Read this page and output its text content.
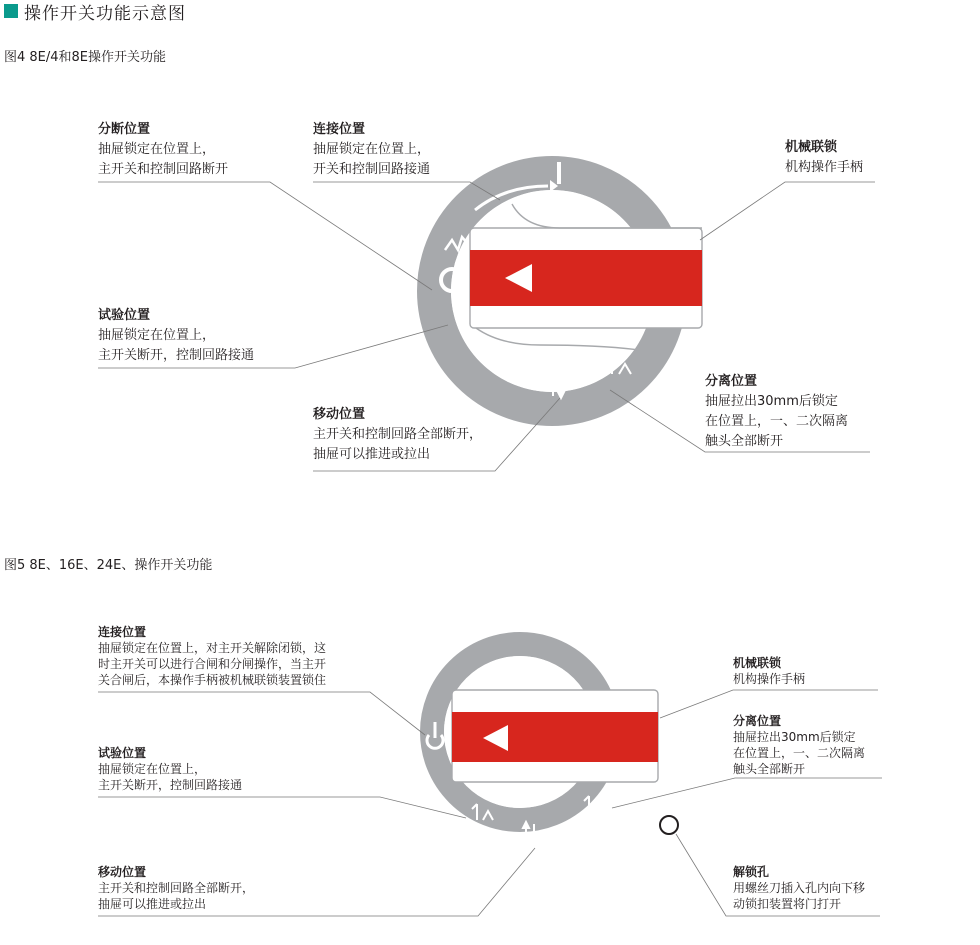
操作开关功能示意图
图4 8E/4和8E操作开关功能
分断位置
抽屉锁定在位置上，
主开关和控制回路断开
连接位置
抽屉锁定在位置上，
开关和控制回路接通
机械联锁
机构操作手柄
试验位置
抽屉锁定在位置上，
主开关断开，控制回路接通
分离位置
抽屉拉出30mm后锁定
在位置上，一、二次隔离
触头全部断开
移动位置
主开关和控制回路全部断开，
抽屉可以推进或拉出
图5 8E、16E、24E、操作开关功能
连接位置
抽屉锁定在位置上，对主开关解除闭锁，这
时主开关可以进行合闸和分闸操作，当主开
关合闸后，本操作手柄被机械联锁装置锁住
机械联锁
机构操作手柄
分离位置
抽屉拉出30mm后锁定
在位置上，一、二次隔离
触头全部断开
试验位置
抽屉锁定在位置上，
主开关断开，控制回路接通
移动位置
主开关和控制回路全部断开，
抽屉可以推进或拉出
解锁孔
用螺丝刀插入孔内向下移
动锁扣装置将门打开
